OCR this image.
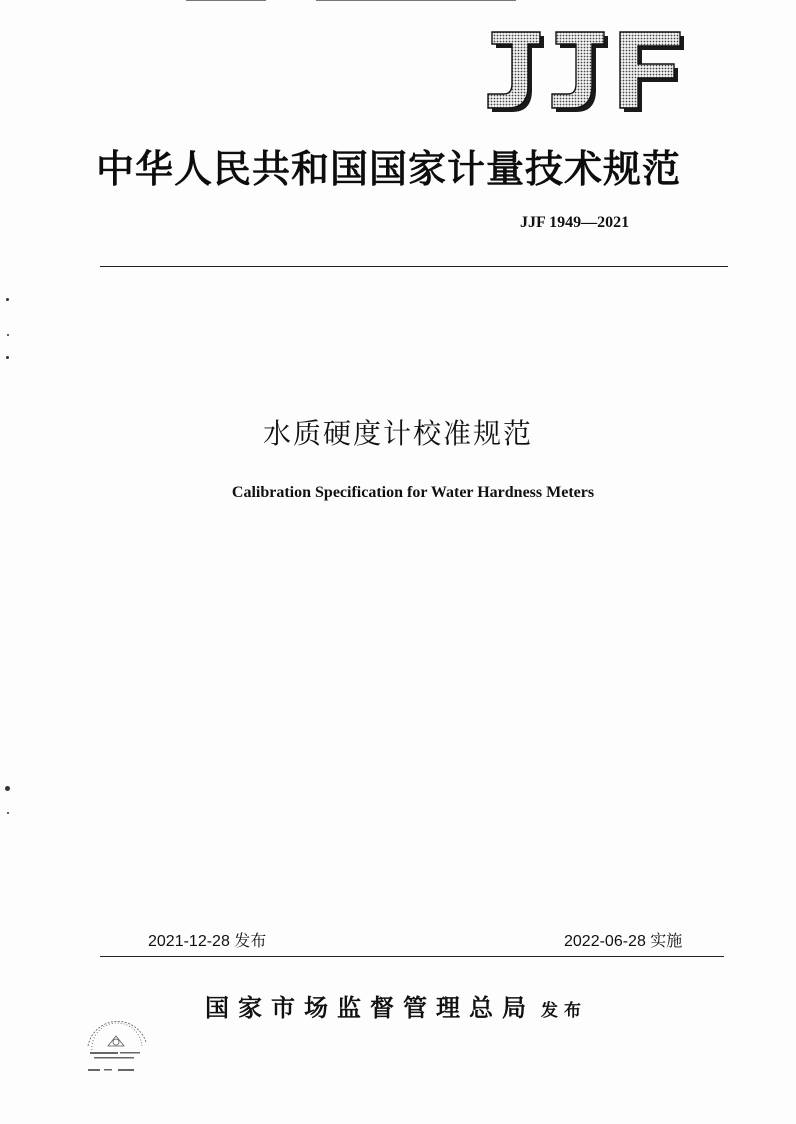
中华人民共和国国家计量技术规范
JJF 1949—2021
水质硬度计校准规范
Calibration Specification for Water Hardness Meters
2021-12-28 发布	2022-06-28 实施
国家市场监督管理总局 发布
